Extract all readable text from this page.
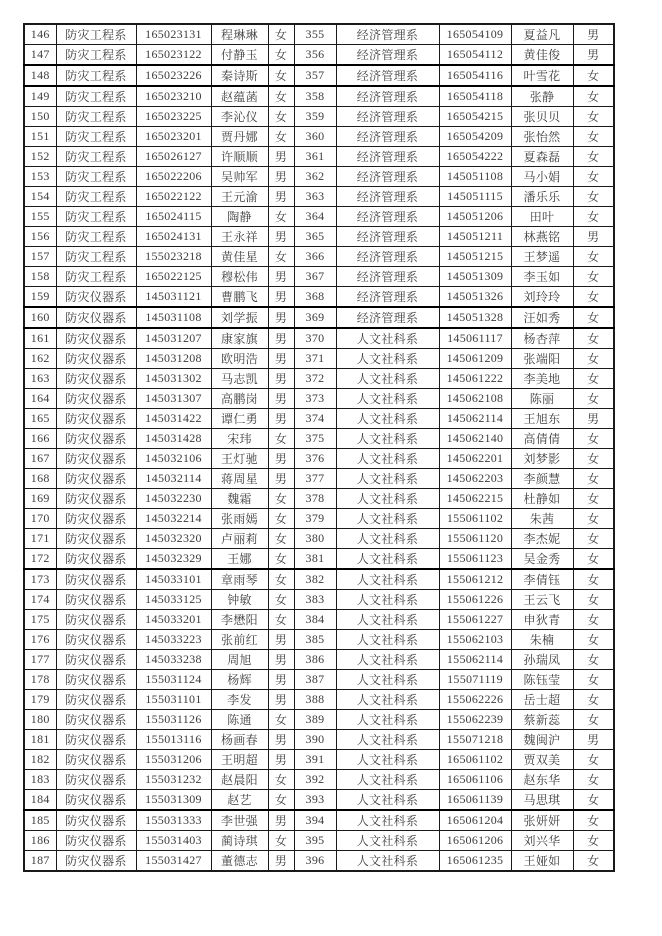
146	防灾工程系	165023131	程琳琳	女	355	经济管理系	165054109	夏益凡	男
147	防灾工程系	165023122	付静玉	女	356	经济管理系	165054112	黄佳俊	男
148	防灾工程系	165023226	秦诗斯	女	357	经济管理系	165054116	叶雪花	女
149	防灾工程系	165023210	赵蕴菡	女	358	经济管理系	165054118	张静	女
150	防灾工程系	165023225	李沁仪	女	359	经济管理系	165054215	张贝贝	女
151	防灾工程系	165023201	贾丹娜	女	360	经济管理系	165054209	张怡然	女
152	防灾工程系	165026127	许顺顺	男	361	经济管理系	165054222	夏森磊	女
153	防灾工程系	165022206	吴帅军	男	362	经济管理系	145051108	马小娟	女
154	防灾工程系	165022122	王元渝	男	363	经济管理系	145051115	潘乐乐	女
155	防灾工程系	165024115	陶静	女	364	经济管理系	145051206	田叶	女
156	防灾工程系	165024131	王永祥	男	365	经济管理系	145051211	林燕铭	男
157	防灾工程系	155023218	黄佳星	女	366	经济管理系	145051215	王梦遥	女
158	防灾工程系	165022125	穆松伟	男	367	经济管理系	145051309	李玉如	女
159	防灾仪器系	145031121	曹鹏飞	男	368	经济管理系	145051326	刘玲玲	女
160	防灾仪器系	145031108	刘学振	男	369	经济管理系	145051328	汪如秀	女
161	防灾仪器系	145031207	康家旗	男	370	人文社科系	145061117	杨杏萍	女
162	防灾仪器系	145031208	欧明浩	男	371	人文社科系	145061209	张端阳	女
163	防灾仪器系	145031302	马志凯	男	372	人文社科系	145061222	李美地	女
164	防灾仪器系	145031307	高鹏岗	男	373	人文社科系	145062108	陈丽	女
165	防灾仪器系	145031422	谭仁勇	男	374	人文社科系	145062114	王旭东	男
166	防灾仪器系	145031428	宋玮	女	375	人文社科系	145062140	高倩倩	女
167	防灾仪器系	145032106	王灯驰	男	376	人文社科系	145062201	刘梦影	女
168	防灾仪器系	145032114	蒋周星	男	377	人文社科系	145062203	李颜慧	女
169	防灾仪器系	145032230	魏霜	女	378	人文社科系	145062215	杜静如	女
170	防灾仪器系	145032214	张雨嫣	女	379	人文社科系	155061102	朱茜	女
171	防灾仪器系	145032320	卢丽莉	女	380	人文社科系	155061120	李杰妮	女
172	防灾仪器系	145032329	王娜	女	381	人文社科系	155061123	吴金秀	女
173	防灾仪器系	145033101	章雨琴	女	382	人文社科系	155061212	李倩钰	女
174	防灾仪器系	145033125	钟敏	女	383	人文社科系	155061226	王云飞	女
175	防灾仪器系	145033201	李懋阳	女	384	人文社科系	155061227	申狄青	女
176	防灾仪器系	145033223	张前红	男	385	人文社科系	155062103	朱楠	女
177	防灾仪器系	145033238	周旭	男	386	人文社科系	155062114	孙瑞凤	女
178	防灾仪器系	155031124	杨辉	男	387	人文社科系	155071119	陈钰莹	女
179	防灾仪器系	155031101	李发	男	388	人文社科系	155062226	岳士超	女
180	防灾仪器系	155031126	陈通	女	389	人文社科系	155062239	蔡新蕊	女
181	防灾仪器系	155013116	杨画春	男	390	人文社科系	155071218	魏闽沪	男
182	防灾仪器系	155031206	王明超	男	391	人文社科系	165061102	贾双美	女
183	防灾仪器系	155031232	赵晨阳	女	392	人文社科系	165061106	赵东华	女
184	防灾仪器系	155031309	赵艺	女	393	人文社科系	165061139	马思琪	女
185	防灾仪器系	155031333	李世强	男	394	人文社科系	165061204	张妍妍	女
186	防灾仪器系	155031403	蔺诗琪	女	395	人文社科系	165061206	刘兴华	女
187	防灾仪器系	155031427	董德志	男	396	人文社科系	165061235	王娅如	女
